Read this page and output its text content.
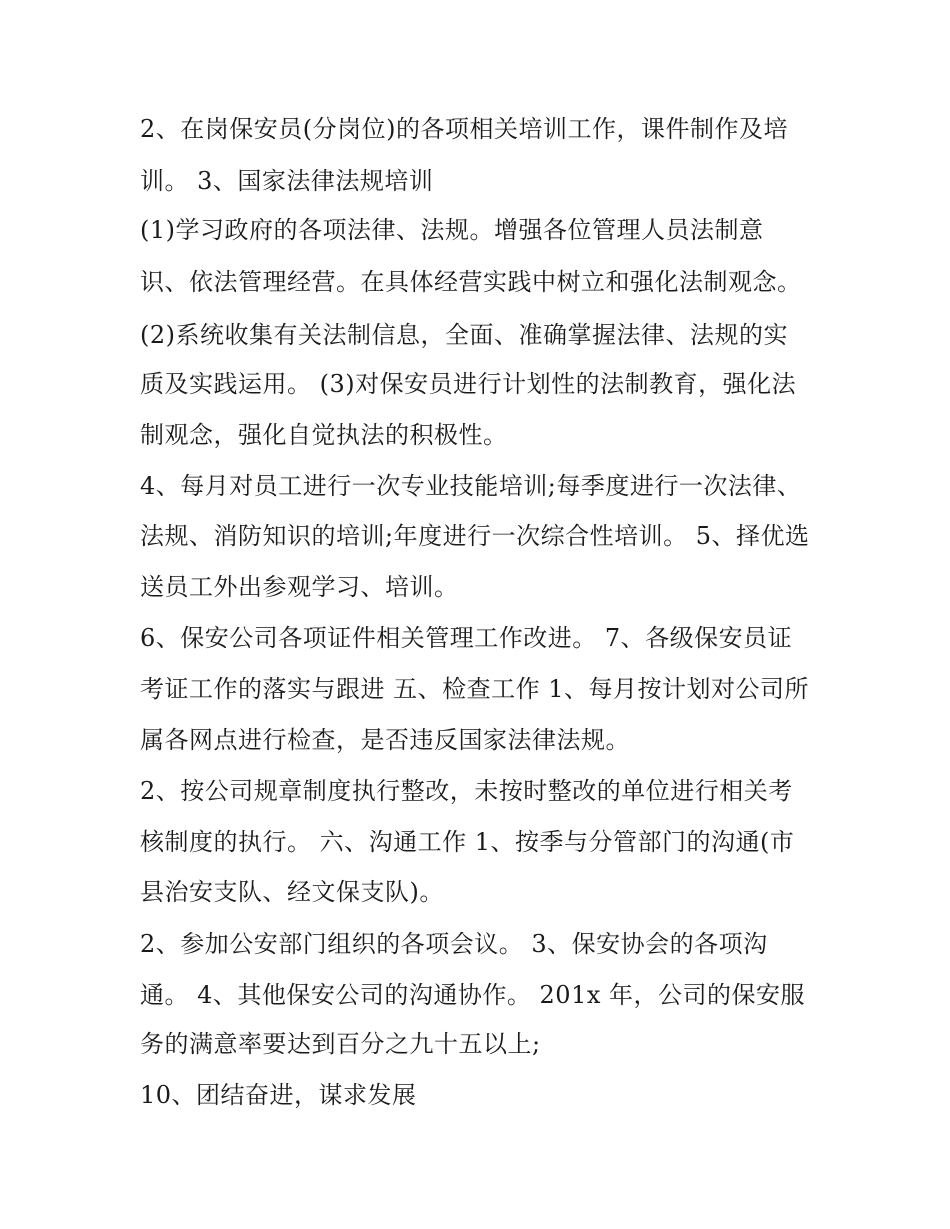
2、在岗保安员(分岗位)的各项相关培训工作，课件制作及培
训。 3、国家法律法规培训
(1)学习政府的各项法律、法规。增强各位管理人员法制意
识、依法管理经营。在具体经营实践中树立和强化法制观念。
(2)系统收集有关法制信息，全面、准确掌握法律、法规的实
质及实践运用。 (3)对保安员进行计划性的法制教育，强化法
制观念，强化自觉执法的积极性。
4、每月对员工进行一次专业技能培训;每季度进行一次法律、
法规、消防知识的培训;年度进行一次综合性培训。 5、择优选
送员工外出参观学习、培训。
6、保安公司各项证件相关管理工作改进。 7、各级保安员证
考证工作的落实与跟进 五、检查工作 1、每月按计划对公司所
属各网点进行检查，是否违反国家法律法规。
2、按公司规章制度执行整改，未按时整改的单位进行相关考
核制度的执行。 六、沟通工作 1、按季与分管部门的沟通(市
县治安支队、经文保支队)。
2、参加公安部门组织的各项会议。 3、保安协会的各项沟
通。 4、其他保安公司的沟通协作。 201x 年，公司的保安服
务的满意率要达到百分之九十五以上;
10、团结奋进，谋求发展
